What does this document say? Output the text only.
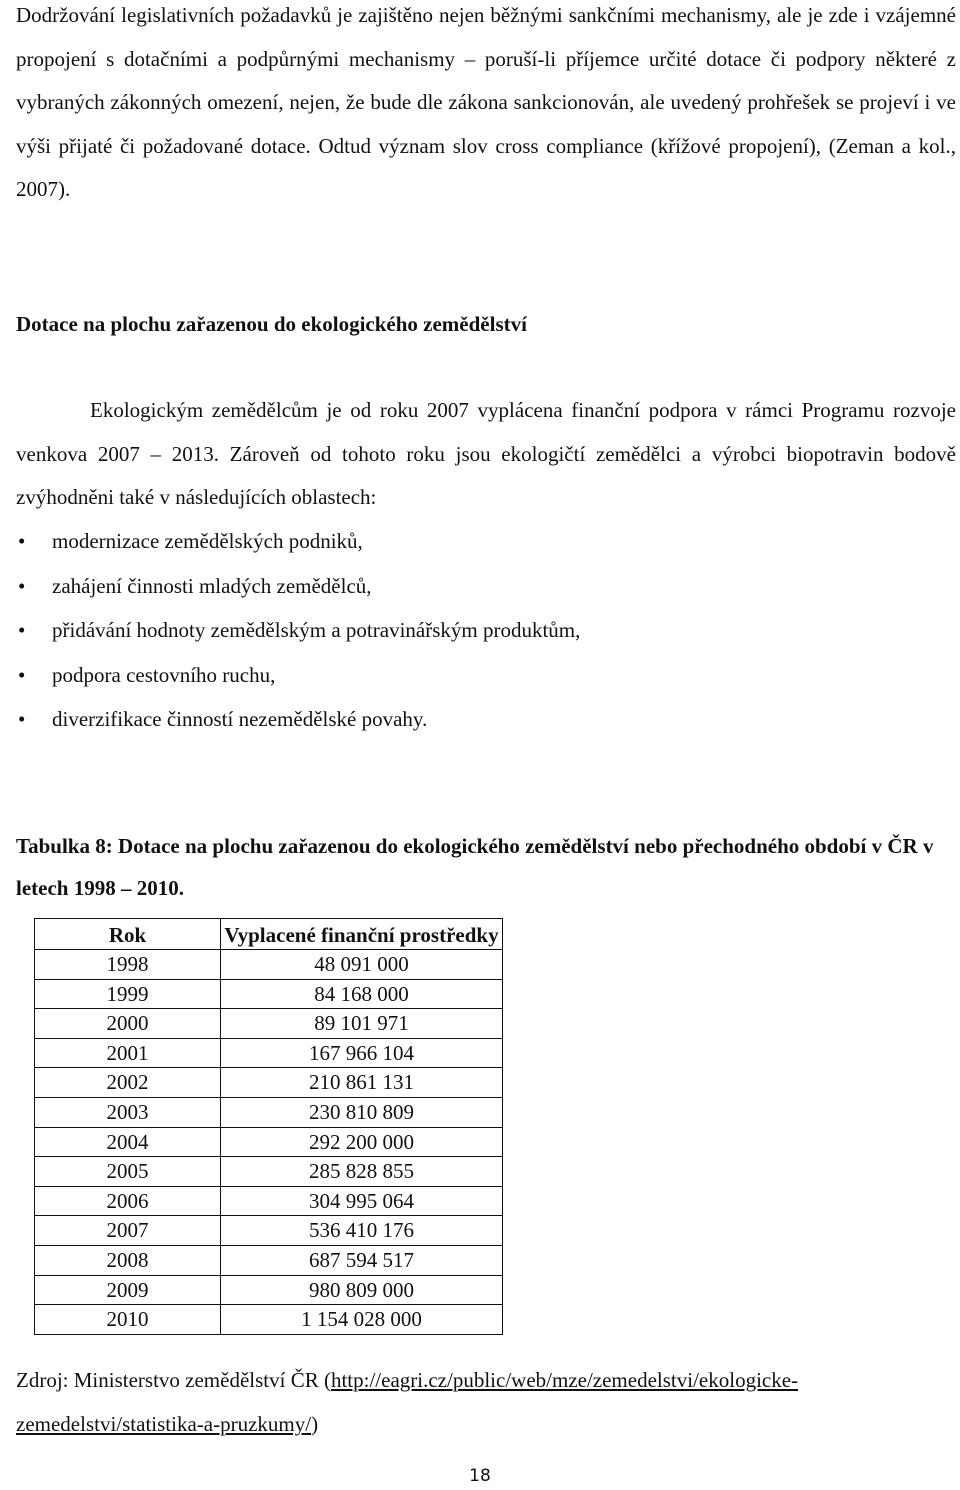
Dodržování legislativních požadavků je zajištěno nejen běžnými sankčními mechanismy, ale je zde i vzájemné propojení s dotačními a podpůrnými mechanismy – poruší-li příjemce určité dotace či podpory některé z vybraných zákonných omezení, nejen, že bude dle zákona sankcionován, ale uvedený prohřešek se projeví i ve výši přijaté či požadované dotace. Odtud význam slov cross compliance (křížové propojení), (Zeman a kol., 2007).

Dotace na plochu zařazenou do ekologického zemědělství

Ekologickým zemědělcům je od roku 2007 vyplácena finanční podpora v rámci Programu rozvoje venkova 2007 – 2013. Zároveň od tohoto roku jsou ekologičtí zemědělci a výrobci biopotravin bodově zvýhodněni také v následujících oblastech:

• modernizace zemědělských podniků,
• zahájení činnosti mladých zemědělců,
• přidávání hodnoty zemědělským a potravinářským produktům,
• podpora cestovního ruchu,
• diverzifikace činností nezemědělské povahy.

Tabulka 8: Dotace na plochu zařazenou do ekologického zemědělství nebo přechodného období v ČR v letech 1998 – 2010.

Rok	Vyplacené finanční prostředky
1998	48 091 000
1999	84 168 000
2000	89 101 971
2001	167 966 104
2002	210 861 131
2003	230 810 809
2004	292 200 000
2005	285 828 855
2006	304 995 064
2007	536 410 176
2008	687 594 517
2009	980 809 000
2010	1 154 028 000

Zdroj: Ministerstvo zemědělství ČR (http://eagri.cz/public/web/mze/zemedelstvi/ekologicke-zemedelstvi/statistika-a-pruzkumy/)

18
